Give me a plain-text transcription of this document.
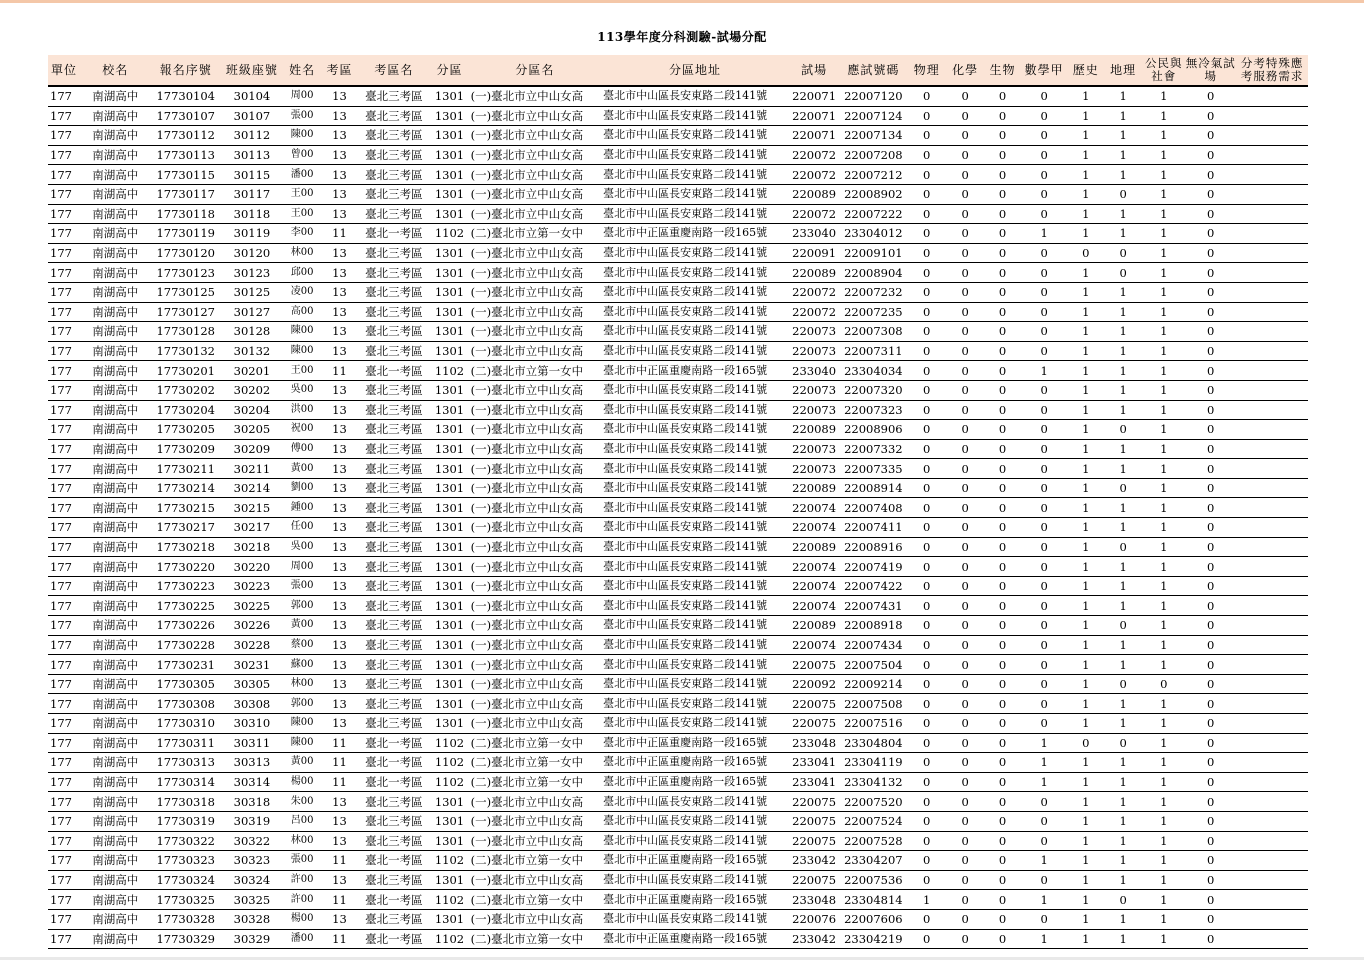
113學年度分科測驗-試場分配
單位	校名	報名序號	班級座號	姓名	考區	考區名	分區	分區名	分區地址	試場	應試號碼	物理	化學	生物	數學甲	歷史	地理	公民與社會	無冷氣試場	分考特殊應考服務需求
177	南湖高中	17730104	30104	周00	13	臺北三考區	1301	(一)臺北市立中山女高	臺北市中山區長安東路二段141號	220071	22007120	0	0	0	0	1	1	1	0	
177	南湖高中	17730107	30107	張00	13	臺北三考區	1301	(一)臺北市立中山女高	臺北市中山區長安東路二段141號	220071	22007124	0	0	0	0	1	1	1	0	
177	南湖高中	17730112	30112	陳00	13	臺北三考區	1301	(一)臺北市立中山女高	臺北市中山區長安東路二段141號	220071	22007134	0	0	0	0	1	1	1	0	
177	南湖高中	17730113	30113	曾00	13	臺北三考區	1301	(一)臺北市立中山女高	臺北市中山區長安東路二段141號	220072	22007208	0	0	0	0	1	1	1	0	
177	南湖高中	17730115	30115	潘00	13	臺北三考區	1301	(一)臺北市立中山女高	臺北市中山區長安東路二段141號	220072	22007212	0	0	0	0	1	1	1	0	
177	南湖高中	17730117	30117	王00	13	臺北三考區	1301	(一)臺北市立中山女高	臺北市中山區長安東路二段141號	220089	22008902	0	0	0	0	1	0	1	0	
177	南湖高中	17730118	30118	王00	13	臺北三考區	1301	(一)臺北市立中山女高	臺北市中山區長安東路二段141號	220072	22007222	0	0	0	0	1	1	1	0	
177	南湖高中	17730119	30119	李00	11	臺北一考區	1102	(二)臺北市立第一女中	臺北市中正區重慶南路一段165號	233040	23304012	0	0	0	1	1	1	1	0	
177	南湖高中	17730120	30120	林00	13	臺北三考區	1301	(一)臺北市立中山女高	臺北市中山區長安東路二段141號	220091	22009101	0	0	0	0	0	0	1	0	
177	南湖高中	17730123	30123	邱00	13	臺北三考區	1301	(一)臺北市立中山女高	臺北市中山區長安東路二段141號	220089	22008904	0	0	0	0	1	0	1	0	
177	南湖高中	17730125	30125	凌00	13	臺北三考區	1301	(一)臺北市立中山女高	臺北市中山區長安東路二段141號	220072	22007232	0	0	0	0	1	1	1	0	
177	南湖高中	17730127	30127	高00	13	臺北三考區	1301	(一)臺北市立中山女高	臺北市中山區長安東路二段141號	220072	22007235	0	0	0	0	1	1	1	0	
177	南湖高中	17730128	30128	陳00	13	臺北三考區	1301	(一)臺北市立中山女高	臺北市中山區長安東路二段141號	220073	22007308	0	0	0	0	1	1	1	0	
177	南湖高中	17730132	30132	陳00	13	臺北三考區	1301	(一)臺北市立中山女高	臺北市中山區長安東路二段141號	220073	22007311	0	0	0	0	1	1	1	0	
177	南湖高中	17730201	30201	王00	11	臺北一考區	1102	(二)臺北市立第一女中	臺北市中正區重慶南路一段165號	233040	23304034	0	0	0	1	1	1	1	0	
177	南湖高中	17730202	30202	吳00	13	臺北三考區	1301	(一)臺北市立中山女高	臺北市中山區長安東路二段141號	220073	22007320	0	0	0	0	1	1	1	0	
177	南湖高中	17730204	30204	洪00	13	臺北三考區	1301	(一)臺北市立中山女高	臺北市中山區長安東路二段141號	220073	22007323	0	0	0	0	1	1	1	0	
177	南湖高中	17730205	30205	祝00	13	臺北三考區	1301	(一)臺北市立中山女高	臺北市中山區長安東路二段141號	220089	22008906	0	0	0	0	1	0	1	0	
177	南湖高中	17730209	30209	傅00	13	臺北三考區	1301	(一)臺北市立中山女高	臺北市中山區長安東路二段141號	220073	22007332	0	0	0	0	1	1	1	0	
177	南湖高中	17730211	30211	黃00	13	臺北三考區	1301	(一)臺北市立中山女高	臺北市中山區長安東路二段141號	220073	22007335	0	0	0	0	1	1	1	0	
177	南湖高中	17730214	30214	劉00	13	臺北三考區	1301	(一)臺北市立中山女高	臺北市中山區長安東路二段141號	220089	22008914	0	0	0	0	1	0	1	0	
177	南湖高中	17730215	30215	鍾00	13	臺北三考區	1301	(一)臺北市立中山女高	臺北市中山區長安東路二段141號	220074	22007408	0	0	0	0	1	1	1	0	
177	南湖高中	17730217	30217	任00	13	臺北三考區	1301	(一)臺北市立中山女高	臺北市中山區長安東路二段141號	220074	22007411	0	0	0	0	1	1	1	0	
177	南湖高中	17730218	30218	吳00	13	臺北三考區	1301	(一)臺北市立中山女高	臺北市中山區長安東路二段141號	220089	22008916	0	0	0	0	1	0	1	0	
177	南湖高中	17730220	30220	周00	13	臺北三考區	1301	(一)臺北市立中山女高	臺北市中山區長安東路二段141號	220074	22007419	0	0	0	0	1	1	1	0	
177	南湖高中	17730223	30223	張00	13	臺北三考區	1301	(一)臺北市立中山女高	臺北市中山區長安東路二段141號	220074	22007422	0	0	0	0	1	1	1	0	
177	南湖高中	17730225	30225	郭00	13	臺北三考區	1301	(一)臺北市立中山女高	臺北市中山區長安東路二段141號	220074	22007431	0	0	0	0	1	1	1	0	
177	南湖高中	17730226	30226	黃00	13	臺北三考區	1301	(一)臺北市立中山女高	臺北市中山區長安東路二段141號	220089	22008918	0	0	0	0	1	0	1	0	
177	南湖高中	17730228	30228	蔡00	13	臺北三考區	1301	(一)臺北市立中山女高	臺北市中山區長安東路二段141號	220074	22007434	0	0	0	0	1	1	1	0	
177	南湖高中	17730231	30231	蘇00	13	臺北三考區	1301	(一)臺北市立中山女高	臺北市中山區長安東路二段141號	220075	22007504	0	0	0	0	1	1	1	0	
177	南湖高中	17730305	30305	林00	13	臺北三考區	1301	(一)臺北市立中山女高	臺北市中山區長安東路二段141號	220092	22009214	0	0	0	0	1	0	0	0	
177	南湖高中	17730308	30308	郭00	13	臺北三考區	1301	(一)臺北市立中山女高	臺北市中山區長安東路二段141號	220075	22007508	0	0	0	0	1	1	1	0	
177	南湖高中	17730310	30310	陳00	13	臺北三考區	1301	(一)臺北市立中山女高	臺北市中山區長安東路二段141號	220075	22007516	0	0	0	0	1	1	1	0	
177	南湖高中	17730311	30311	陳00	11	臺北一考區	1102	(二)臺北市立第一女中	臺北市中正區重慶南路一段165號	233048	23304804	0	0	0	1	0	0	1	0	
177	南湖高中	17730313	30313	黃00	11	臺北一考區	1102	(二)臺北市立第一女中	臺北市中正區重慶南路一段165號	233041	23304119	0	0	0	1	1	1	1	0	
177	南湖高中	17730314	30314	楊00	11	臺北一考區	1102	(二)臺北市立第一女中	臺北市中正區重慶南路一段165號	233041	23304132	0	0	0	1	1	1	1	0	
177	南湖高中	17730318	30318	朱00	13	臺北三考區	1301	(一)臺北市立中山女高	臺北市中山區長安東路二段141號	220075	22007520	0	0	0	0	1	1	1	0	
177	南湖高中	17730319	30319	呂00	13	臺北三考區	1301	(一)臺北市立中山女高	臺北市中山區長安東路二段141號	220075	22007524	0	0	0	0	1	1	1	0	
177	南湖高中	17730322	30322	林00	13	臺北三考區	1301	(一)臺北市立中山女高	臺北市中山區長安東路二段141號	220075	22007528	0	0	0	0	1	1	1	0	
177	南湖高中	17730323	30323	張00	11	臺北一考區	1102	(二)臺北市立第一女中	臺北市中正區重慶南路一段165號	233042	23304207	0	0	0	1	1	1	1	0	
177	南湖高中	17730324	30324	許00	13	臺北三考區	1301	(一)臺北市立中山女高	臺北市中山區長安東路二段141號	220075	22007536	0	0	0	0	1	1	1	0	
177	南湖高中	17730325	30325	許00	11	臺北一考區	1102	(二)臺北市立第一女中	臺北市中正區重慶南路一段165號	233048	23304814	1	0	0	1	1	0	1	0	
177	南湖高中	17730328	30328	楊00	13	臺北三考區	1301	(一)臺北市立中山女高	臺北市中山區長安東路二段141號	220076	22007606	0	0	0	0	1	1	1	0	
177	南湖高中	17730329	30329	潘00	11	臺北一考區	1102	(二)臺北市立第一女中	臺北市中正區重慶南路一段165號	233042	23304219	0	0	0	1	1	1	1	0	
